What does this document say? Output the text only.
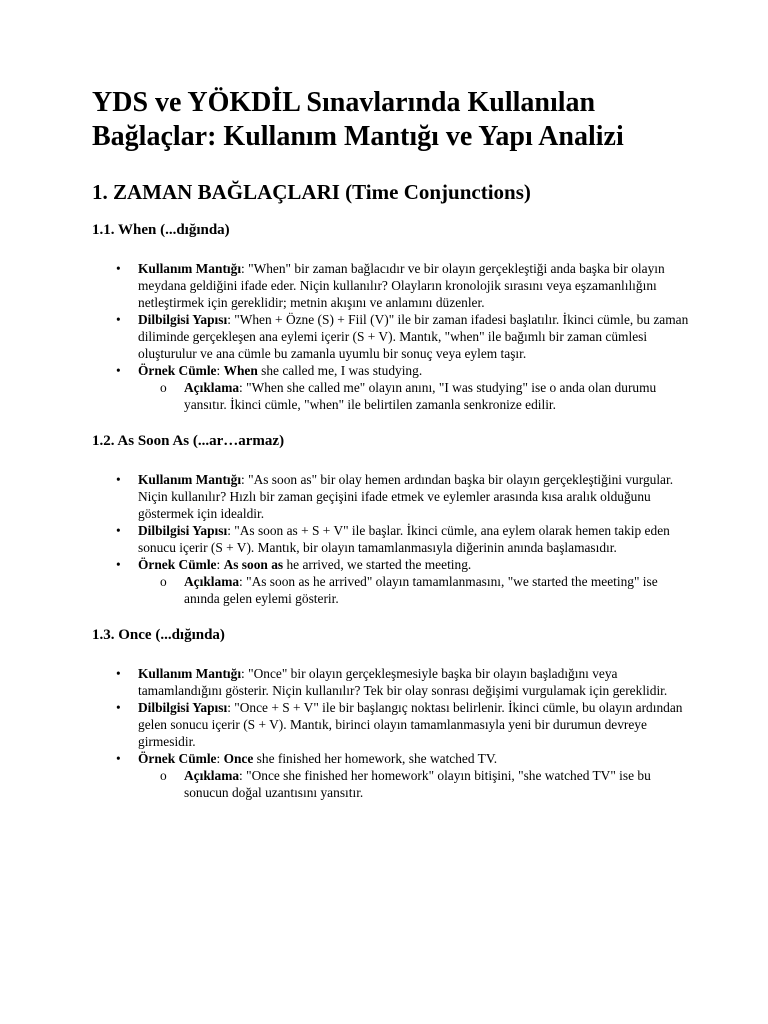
YDS ve YÖKDİL Sınavlarında Kullanılan Bağlaçlar: Kullanım Mantığı ve Yapı Analizi
1. ZAMAN BAĞLAÇLARI (Time Conjunctions)
1.1. When (...dığında)
• Kullanım Mantığı: "When" bir zaman bağlacıdır ve bir olayın gerçekleştiği anda başka bir olayın meydana geldiğini ifade eder. Niçin kullanılır? Olayların kronolojik sırasını veya eşzamanlılığını netleştirmek için gereklidir; metnin akışını ve anlamını düzenler.
• Dilbilgisi Yapısı: "When + Özne (S) + Fiil (V)" ile bir zaman ifadesi başlatılır. İkinci cümle, bu zaman diliminde gerçekleşen ana eylemi içerir (S + V). Mantık, "when" ile bağımlı bir zaman cümlesi oluşturulur ve ana cümle bu zamanla uyumlu bir sonuç veya eylem taşır.
• Örnek Cümle: When she called me, I was studying.
o Açıklama: "When she called me" olayın anını, "I was studying" ise o anda olan durumu yansıtır. İkinci cümle, "when" ile belirtilen zamanla senkronize edilir.
1.2. As Soon As (...ar…armaz)
• Kullanım Mantığı: "As soon as" bir olay hemen ardından başka bir olayın gerçekleştiğini vurgular. Niçin kullanılır? Hızlı bir zaman geçişini ifade etmek ve eylemler arasında kısa aralık olduğunu göstermek için idealdir.
• Dilbilgisi Yapısı: "As soon as + S + V" ile başlar. İkinci cümle, ana eylem olarak hemen takip eden sonucu içerir (S + V). Mantık, bir olayın tamamlanmasıyla diğerinin anında başlamasıdır.
• Örnek Cümle: As soon as he arrived, we started the meeting.
o Açıklama: "As soon as he arrived" olayın tamamlanmasını, "we started the meeting" ise anında gelen eylemi gösterir.
1.3. Once (...dığında)
• Kullanım Mantığı: "Once" bir olayın gerçekleşmesiyle başka bir olayın başladığını veya tamamlandığını gösterir. Niçin kullanılır? Tek bir olay sonrası değişimi vurgulamak için gereklidir.
• Dilbilgisi Yapısı: "Once + S + V" ile bir başlangıç noktası belirlenir. İkinci cümle, bu olayın ardından gelen sonucu içerir (S + V). Mantık, birinci olayın tamamlanmasıyla yeni bir durumun devreye girmesidir.
• Örnek Cümle: Once she finished her homework, she watched TV.
o Açıklama: "Once she finished her homework" olayın bitişini, "she watched TV" ise bu sonucun doğal uzantısını yansıtır.
